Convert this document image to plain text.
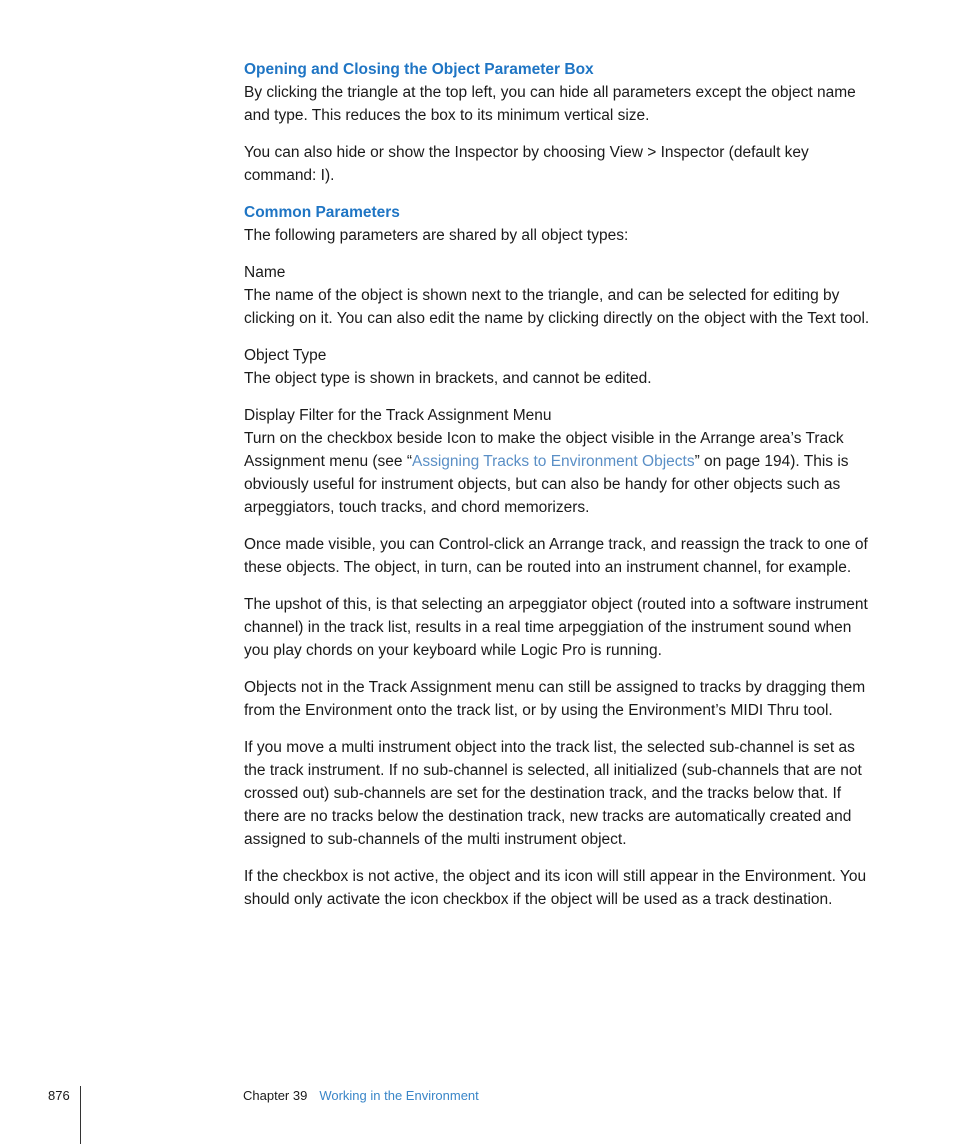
Opening and Closing the Object Parameter Box

By clicking the triangle at the top left, you can hide all parameters except the object name and type. This reduces the box to its minimum vertical size.

You can also hide or show the Inspector by choosing View > Inspector (default key command: I).

Common Parameters

The following parameters are shared by all object types:

Name

The name of the object is shown next to the triangle, and can be selected for editing by clicking on it. You can also edit the name by clicking directly on the object with the Text tool.

Object Type

The object type is shown in brackets, and cannot be edited.

Display Filter for the Track Assignment Menu

Turn on the checkbox beside Icon to make the object visible in the Arrange area’s Track Assignment menu (see “Assigning Tracks to Environment Objects” on page 194). This is obviously useful for instrument objects, but can also be handy for other objects such as arpeggiators, touch tracks, and chord memorizers.

Once made visible, you can Control-click an Arrange track, and reassign the track to one of these objects. The object, in turn, can be routed into an instrument channel, for example.

The upshot of this, is that selecting an arpeggiator object (routed into a software instrument channel) in the track list, results in a real time arpeggiation of the instrument sound when you play chords on your keyboard while Logic Pro is running.

Objects not in the Track Assignment menu can still be assigned to tracks by dragging them from the Environment onto the track list, or by using the Environment’s MIDI Thru tool.

If you move a multi instrument object into the track list, the selected sub-channel is set as the track instrument. If no sub-channel is selected, all initialized (sub-channels that are not crossed out) sub-channels are set for the destination track, and the tracks below that. If there are no tracks below the destination track, new tracks are automatically created and assigned to sub-channels of the multi instrument object.

If the checkbox is not active, the object and its icon will still appear in the Environment. You should only activate the icon checkbox if the object will be used as a track destination.

876	Chapter 39 Working in the Environment
